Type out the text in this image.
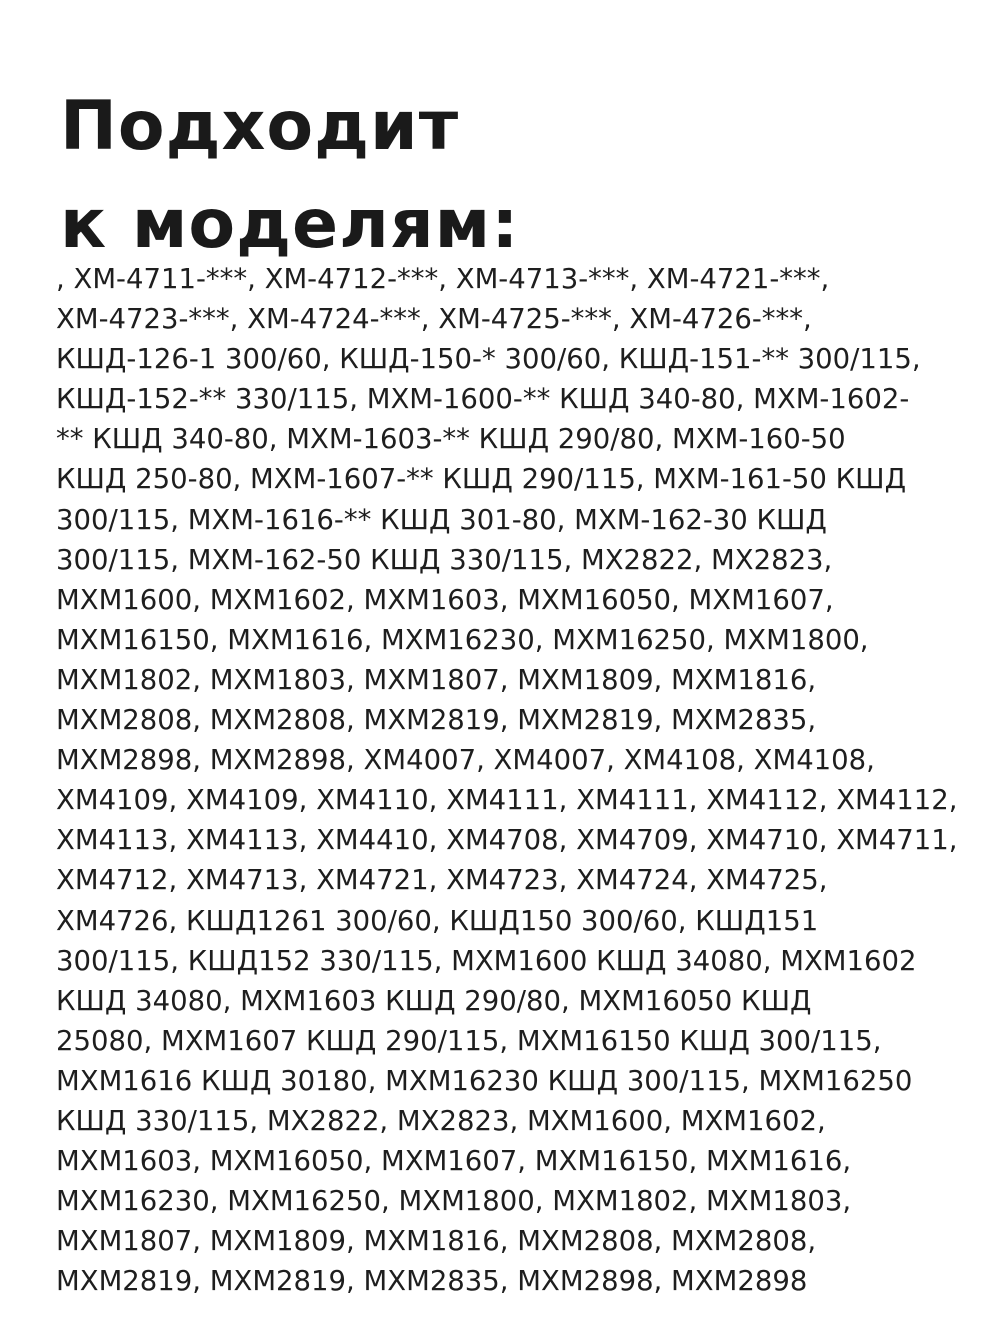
Подходит
к моделям:
, ХМ-4711-***, ХМ-4712-***, ХМ-4713-***, ХМ-4721-***,
ХМ-4723-***, ХМ-4724-***, ХМ-4725-***, ХМ-4726-***,
КШД-126-1 300/60, КШД-150-* 300/60, КШД-151-** 300/115,
КШД-152-** 330/115, МХМ-1600-** КШД 340-80, МХМ-1602-
** КШД 340-80, МХМ-1603-** КШД 290/80, МХМ-160-50
КШД 250-80, МХМ-1607-** КШД 290/115, МХМ-161-50 КШД
300/115, МХМ-1616-** КШД 301-80, МХМ-162-30 КШД
300/115, МХМ-162-50 КШД 330/115, MX2822, MX2823,
MXM1600, MXM1602, MXM1603, MXM16050, MXM1607,
MXM16150, MXM1616, MXM16230, MXM16250, MXM1800,
MXM1802, MXM1803, MXM1807, MXM1809, MXM1816,
MXM2808, MXM2808, MXM2819, MXM2819, MXM2835,
MXM2898, MXM2898, XM4007, XM4007, XM4108, XM4108,
XM4109, XM4109, XM4110, XM4111, XM4111, XM4112, XM4112,
XM4113, XM4113, XM4410, XM4708, XM4709, XM4710, XM4711,
XM4712, XM4713, XM4721, XM4723, XM4724, XM4725,
XM4726, КШД1261 300/60, КШД150 300/60, КШД151
300/115, КШД152 330/115, МХМ1600 КШД 34080, МХМ1602
КШД 34080, МХМ1603 КШД 290/80, МХМ16050 КШД
25080, МХМ1607 КШД 290/115, МХМ16150 КШД 300/115,
МХМ1616 КШД 30180, МХМ16230 КШД 300/115, МХМ16250
КШД 330/115, МХ2822, МХ2823, МХМ1600, МХМ1602,
МХМ1603, МХМ16050, МХМ1607, МХМ16150, МХМ1616,
МХМ16230, МХМ16250, МХМ1800, МХМ1802, МХМ1803,
МХМ1807, МХМ1809, МХМ1816, МХМ2808, МХМ2808,
МХМ2819, МХМ2819, МХМ2835, МХМ2898, МХМ2898
